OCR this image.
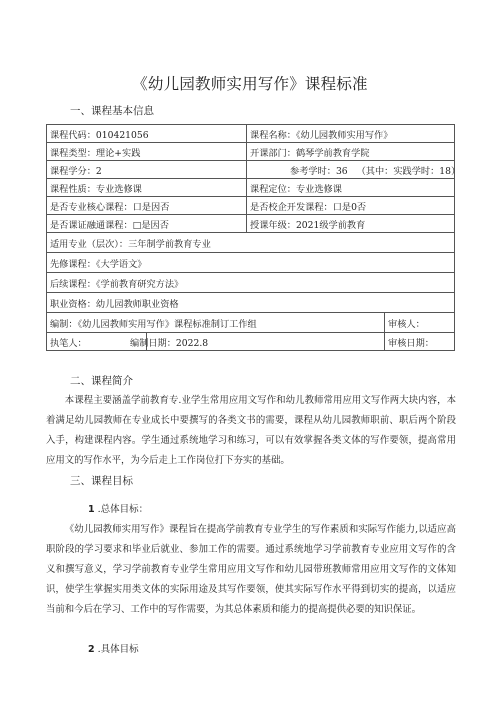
《幼儿园教师实用写作》课程标准
一、课程基本信息
课程代码：010421056		课程名称：《幼儿园教师实用写作》	
课程类型：理论+实践		开课部门：鹤琴学前教育学院	
课程学分：2		参考学时：36 （其中：实践学时：18）	
课程性质：专业选修课		课程定位：专业选修课	
是否专业核心课程：口是因否		是否校企开发课程：口是0否	
是否课证融通课程：□是因否		授课年级：2021级学前教育	
适用专业（层次）：三年制学前教育专业			
先修课程：《大学语文》			
后续课程：《学前教育研究方法》			
职业资格：幼儿园教师职业资格			
编制：《幼儿园教师实用写作》课程标准制订工作组			审核人：
执笔人：	编制日期：2022.8		审核日期：
二、课程简介
本课程主要涵盖学前教育专.业学生常用应用文写作和幼儿教师常用应用文写作两大块内容，本着满足幼儿园教师在专业成长中要撰写的各类文书的需要，课程从幼儿园教师职前、职后两个阶段入手，构建课程内容。学生通过系统地学习和练习，可以有效掌握各类文体的写作要领，提高常用应用文的写作水平，为今后走上工作岗位打下夯实的基础。
三、课程目标
1 .总体目标：
《幼儿园教师实用写作》课程旨在提高学前教育专业学生的写作素质和实际写作能力,以适应高职阶段的学习要求和毕业后就业、参加工作的需要。通过系统地学习学前教育专业应用文写作的含义和撰写意义，学习学前教育专业学生常用应用文写作和幼儿园带班教师常用应用文写作的文体知识，使学生掌握实用类文体的实际用途及其写作要领，使其实际写作水平得到切实的提高，以适应当前和今后在学习、工作中的写作需要，为其总体素质和能力的提高提供必要的知识保证。
2 .具体目标
